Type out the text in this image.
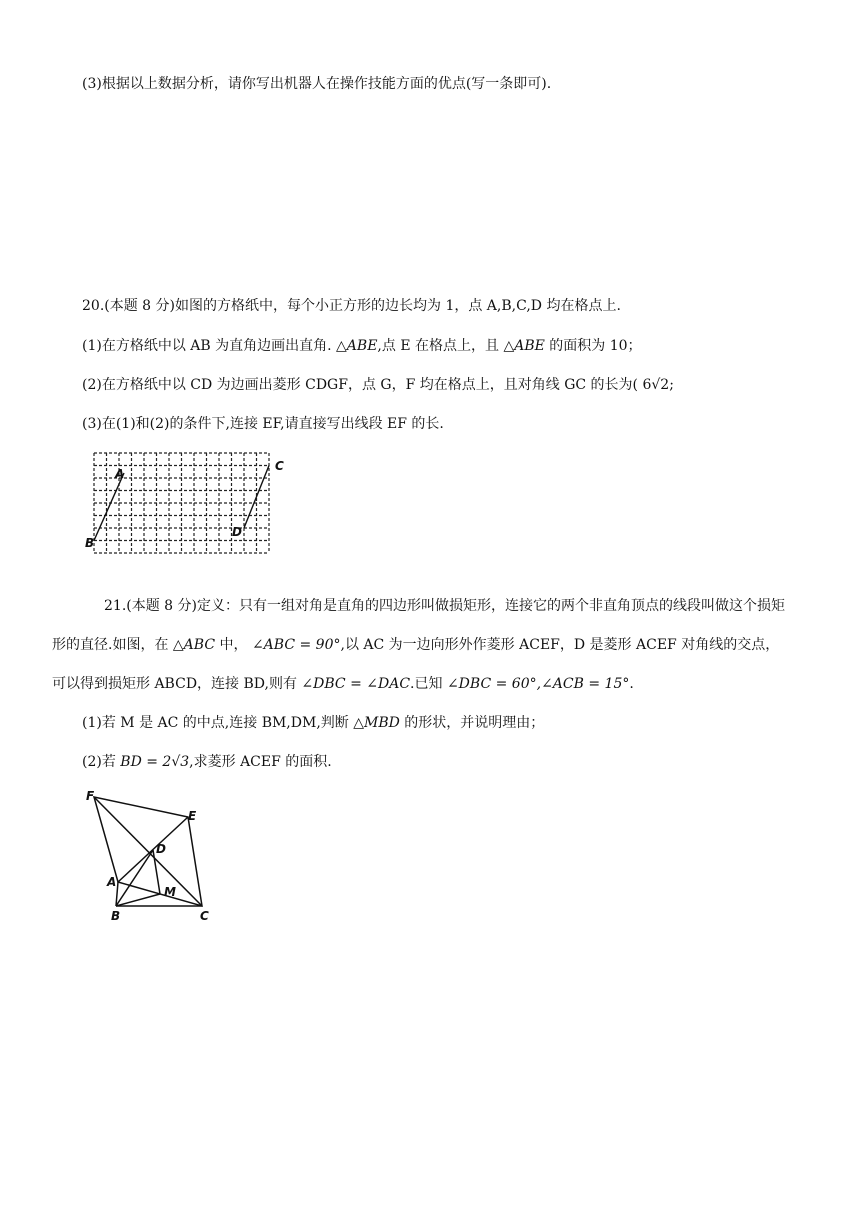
(3)根据以上数据分析，请你写出机器人在操作技能方面的优点(写一条即可).
20.(本题 8 分)如图的方格纸中，每个小正方形的边长均为 1，点 A,B,C,D 均在格点上.
(1)在方格纸中以 AB 为直角边画出直角. △ABE,点 E 在格点上，且 △ABE 的面积为 10；
(2)在方格纸中以 CD 为边画出菱形 CDGF，点 G，F 均在格点上，且对角线 GC 的长为( 6√2;
(3)在(1)和(2)的条件下,连接 EF,请直接写出线段 EF 的长.
A
B
C
D
21.(本题 8 分)定义：只有一组对角是直角的四边形叫做损矩形，连接它的两个非直角顶点的线段叫做这个损矩
形的直径.如图，在 △ABC 中， ∠ABC = 90°,以 AC 为一边向形外作菱形 ACEF，D 是菱形 ACEF 对角线的交点，
可以得到损矩形 ABCD，连接 BD,则有 ∠DBC = ∠DAC.已知 ∠DBC = 60°,∠ACB = 15°.
(1)若 M 是 AC 的中点,连接 BM,DM,判断 △MBD 的形状，并说明理由；
(2)若 BD = 2√3,求菱形 ACEF 的面积.
F
E
D
A
M
B	C
